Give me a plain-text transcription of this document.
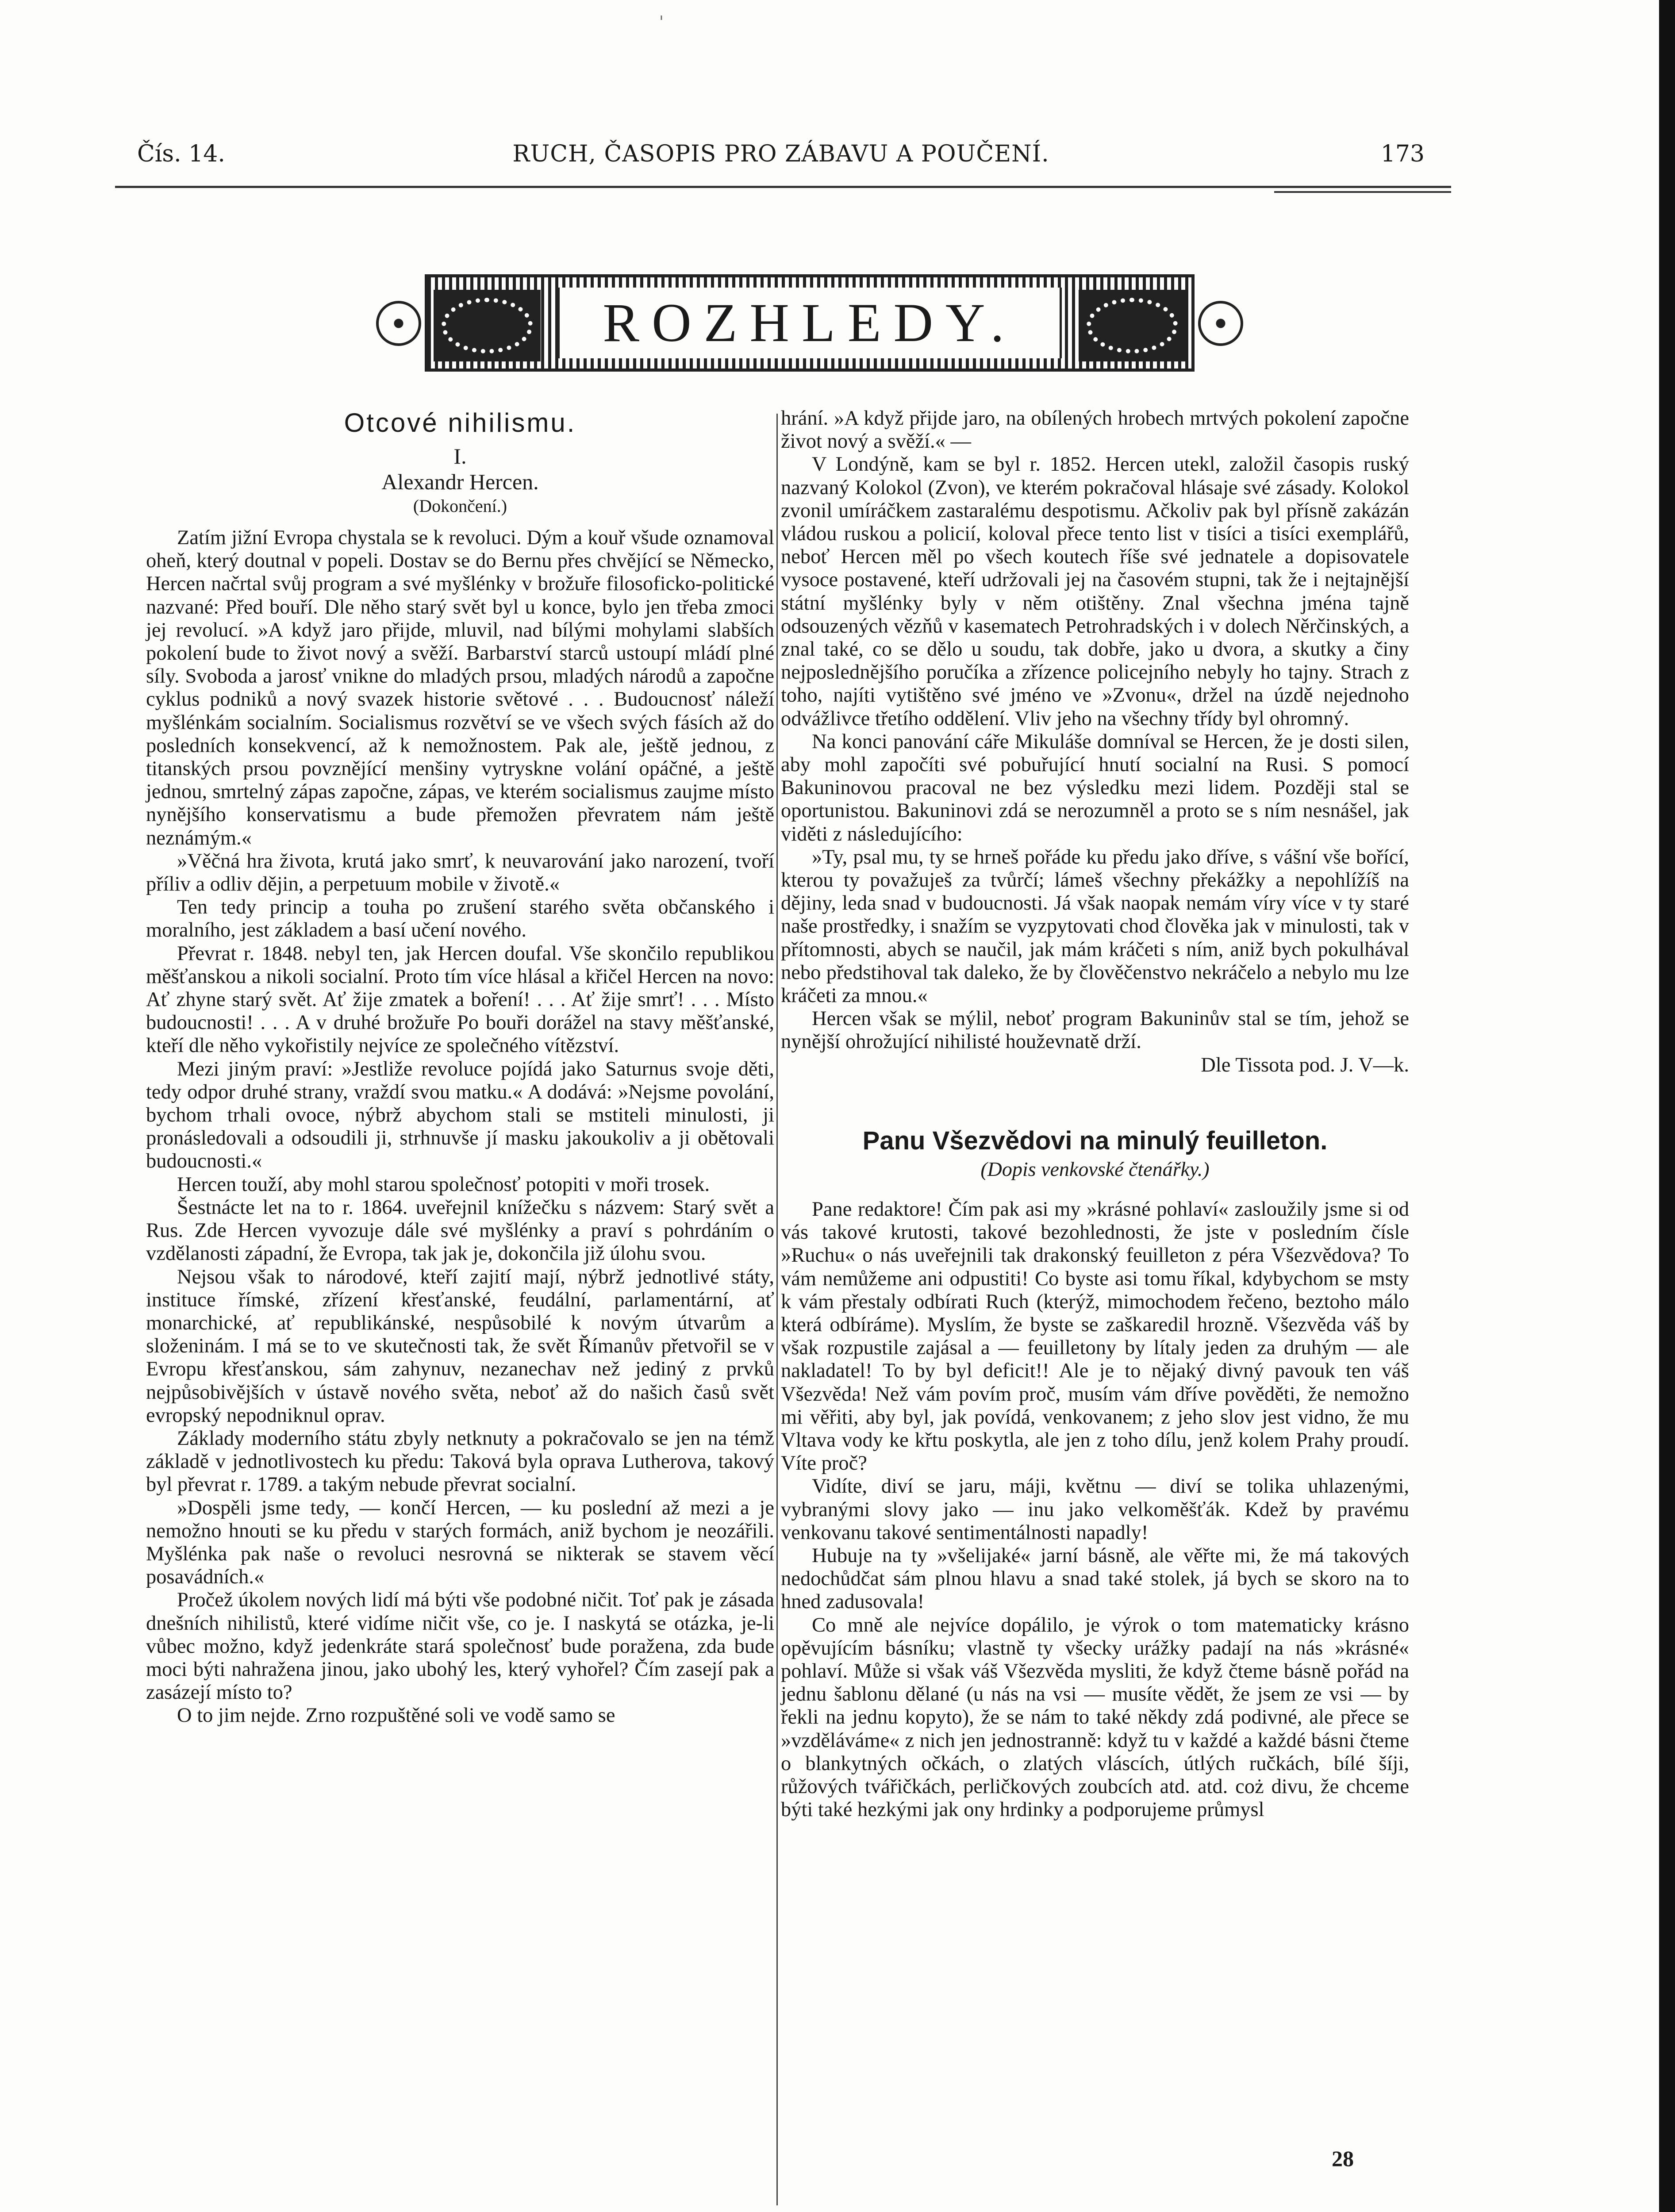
'
Čís. 14.	RUCH, ČASOPIS PRO ZÁBAVU A POUČENÍ.	173
ROZHLEDY.

Otcové nihilismu.

I.

Alexandr Hercen.

(Dokončení.)

Zatím jižní Evropa chystala se k revoluci. Dým a kouř všude oznamoval oheň, který doutnal v popeli. Dostav se do Bernu přes chvějící se Německo, Hercen načrtal svůj program a své myšlénky v brožuře filosoficko-politické nazvané: Před bouří. Dle něho starý svět byl u konce, bylo jen třeba zmoci jej revolucí. »A když jaro přijde, mluvil, nad bílými mohylami slabších pokolení bude to život nový a svěží. Barbarství starců ustoupí mládí plné síly. Svoboda a jarosť vnikne do mladých prsou, mladých národů a započne cyklus podniků a nový svazek historie světové . . . Budoucnosť náleží myšlénkám socialním. Socialismus rozvětví se ve všech svých fásích až do posledních konsekvencí, až k nemožnostem. Pak ale, ještě jednou, z titanských prsou povznějící menšiny vytryskne volání opáčné, a ještě jednou, smrtelný zápas započne, zápas, ve kterém socialismus zaujme místo nynějšího konservatismu a bude přemožen převratem nám ještě neznámým.«

»Věčná hra života, krutá jako smrť, k neuvarování jako narození, tvoří příliv a odliv dějin, a perpetuum mobile v životě.«

Ten tedy princip a touha po zrušení starého světa občanského i moralního, jest základem a basí učení nového.

Převrat r. 1848. nebyl ten, jak Hercen doufal. Vše skončilo republikou měšťanskou a nikoli socialní. Proto tím více hlásal a křičel Hercen na novo: Ať zhyne starý svět. Ať žije zmatek a boření! . . . Ať žije smrť! . . . Místo budoucnosti! . . . A v druhé brožuře Po bouři dorážel na stavy měšťanské, kteří dle něho vykořistily nejvíce ze společného vítězství.

Mezi jiným praví: »Jestliže revoluce pojídá jako Saturnus svoje děti, tedy odpor druhé strany, vraždí svou matku.« A dodává: »Nejsme povolání, bychom trhali ovoce, nýbrž abychom stali se mstiteli minulosti, ji pronásledovali a odsoudili ji, strhnuvše jí masku jakoukoliv a ji obětovali budoucnosti.«

Hercen touží, aby mohl starou společnosť potopiti v moři trosek.

Šestnácte let na to r. 1864. uveřejnil knížečku s názvem: Starý svět a Rus. Zde Hercen vyvozuje dále své myšlénky a praví s pohrdáním o vzdělanosti západní, že Evropa, tak jak je, dokončila již úlohu svou.

Nejsou však to národové, kteří zajití mají, nýbrž jednotlivé státy, instituce římské, zřízení křesťanské, feudální, parlamentární, ať monarchické, ať republikánské, nespůsobilé k novým útvarům a složeninám. I má se to ve skutečnosti tak, že svět Římanův přetvořil se v Evropu křesťanskou, sám zahynuv, nezanechav než jediný z prvků nejpůsobivějších v ústavě nového světa, neboť až do našich časů svět evropský nepodniknul oprav.

Základy moderního státu zbyly netknuty a pokračovalo se jen na témž základě v jednotlivostech ku předu: Taková byla oprava Lutherova, takový byl převrat r. 1789. a takým nebude převrat socialní.

»Dospěli jsme tedy, — končí Hercen, — ku poslední až mezi a je nemožno hnouti se ku předu v starých formách, aniž bychom je neozářili. Myšlénka pak naše o revoluci nesrovná se nikterak se stavem věcí posavádních.«

Pročež úkolem nových lidí má býti vše podobné ničit. Toť pak je zásada dnešních nihilistů, které vidíme ničit vše, co je. I naskytá se otázka, je-li vůbec možno, když jedenkráte stará společnosť bude poražena, zda bude moci býti nahražena jinou, jako ubohý les, který vyhořel? Čím zasejí pak a zasázejí místo to?

O to jim nejde. Zrno rozpuštěné soli ve vodě samo se

hrání. »A když přijde jaro, na obílených hrobech mrtvých pokolení započne život nový a svěží.« —

V Londýně, kam se byl r. 1852. Hercen utekl, založil časopis ruský nazvaný Kolokol (Zvon), ve kterém pokračoval hlásaje své zásady. Kolokol zvonil umíráčkem zastaralému despotismu. Ačkoliv pak byl přísně zakázán vládou ruskou a policií, koloval přece tento list v tisíci a tisíci exemplářů, neboť Hercen měl po všech koutech říše své jednatele a dopisovatele vysoce postavené, kteří udržovali jej na časovém stupni, tak že i nejtajnější státní myšlénky byly v něm otištěny. Znal všechna jména tajně odsouzených vězňů v kasematech Petrohradských i v dolech Něrčinských, a znal také, co se dělo u soudu, tak dobře, jako u dvora, a skutky a činy nejposlednějšího poručíka a zřízence policejního nebyly ho tajny. Strach z toho, najíti vytištěno své jméno ve »Zvonu«, držel na úzdě nejednoho odvážlivce třetího oddělení. Vliv jeho na všechny třídy byl ohromný.

Na konci panování cáře Mikuláše domníval se Hercen, že je dosti silen, aby mohl započíti své pobuřující hnutí socialní na Rusi. S pomocí Bakuninovou pracoval ne bez výsledku mezi lidem. Později stal se oportunistou. Bakuninovi zdá se nerozumněl a proto se s ním nesnášel, jak viděti z následujícího:

»Ty, psal mu, ty se hrneš pořáde ku předu jako dříve, s vášní vše bořící, kterou ty považuješ za tvůrčí; lámeš všechny překážky a nepohlížíš na dějiny, leda snad v budoucnosti. Já však naopak nemám víry více v ty staré naše prostředky, i snažím se vyzpytovati chod člověka jak v minulosti, tak v přítomnosti, abych se naučil, jak mám kráčeti s ním, aniž bych pokulhával nebo předstihoval tak daleko, že by člověčenstvo nekráčelo a nebylo mu lze kráčeti za mnou.«

Hercen však se mýlil, neboť program Bakuninův stal se tím, jehož se nynější ohrožující nihilisté houževnatě drží.

Dle Tissota pod. J. V—k.

Panu Všezvědovi na minulý feuilleton.

(Dopis venkovské čtenářky.)

Pane redaktore! Čím pak asi my »krásné pohlaví« zasloužily jsme si od vás takové krutosti, takové bezohlednosti, že jste v posledním čísle »Ruchu« o nás uveřejnili tak drakonský feuilleton z péra Všezvědova? To vám nemůžeme ani odpustiti! Co byste asi tomu říkal, kdybychom se msty k vám přestaly odbírati Ruch (kterýž, mimochodem řečeno, beztoho málo která odbíráme). Myslím, že byste se zaškaredil hrozně. Všezvěda váš by však rozpustile zajásal a — feuilletony by lítaly jeden za druhým — ale nakladatel! To by byl deficit!! Ale je to nějaký divný pavouk ten váš Všezvěda! Než vám povím proč, musím vám dříve pověděti, že nemožno mi věřiti, aby byl, jak povídá, venkovanem; z jeho slov jest vidno, že mu Vltava vody ke křtu poskytla, ale jen z toho dílu, jenž kolem Prahy proudí. Víte proč?

Vidíte, diví se jaru, máji, květnu — diví se tolika uhlazenými, vybranými slovy jako — inu jako velkoměšťák. Kdež by pravému venkovanu takové sentimentálnosti napadly!

Hubuje na ty »všelijaké« jarní básně, ale věřte mi, že má takových nedochůdčat sám plnou hlavu a snad také stolek, já bych se skoro na to hned zadusovala!

Co mně ale nejvíce dopálilo, je výrok o tom matematicky krásno opěvujícím básníku; vlastně ty všecky urážky padají na nás »krásné« pohlaví. Může si však váš Všezvěda mysliti, že když čteme básně pořád na jednu šablonu dělané (u nás na vsi — musíte vědět, že jsem ze vsi — by řekli na jednu kopyto), že se nám to také někdy zdá podivné, ale přece se »vzděláváme« z nich jen jednostranně: když tu v každé a každé básni čteme o blankytných očkách, o zlatých vláscích, útlých ručkách, bílé šíji, růžových tvářičkách, perličkových zoubcích atd. atd. coż divu, že chceme býti také hezkými jak ony hrdinky a podporujeme průmysl

28
